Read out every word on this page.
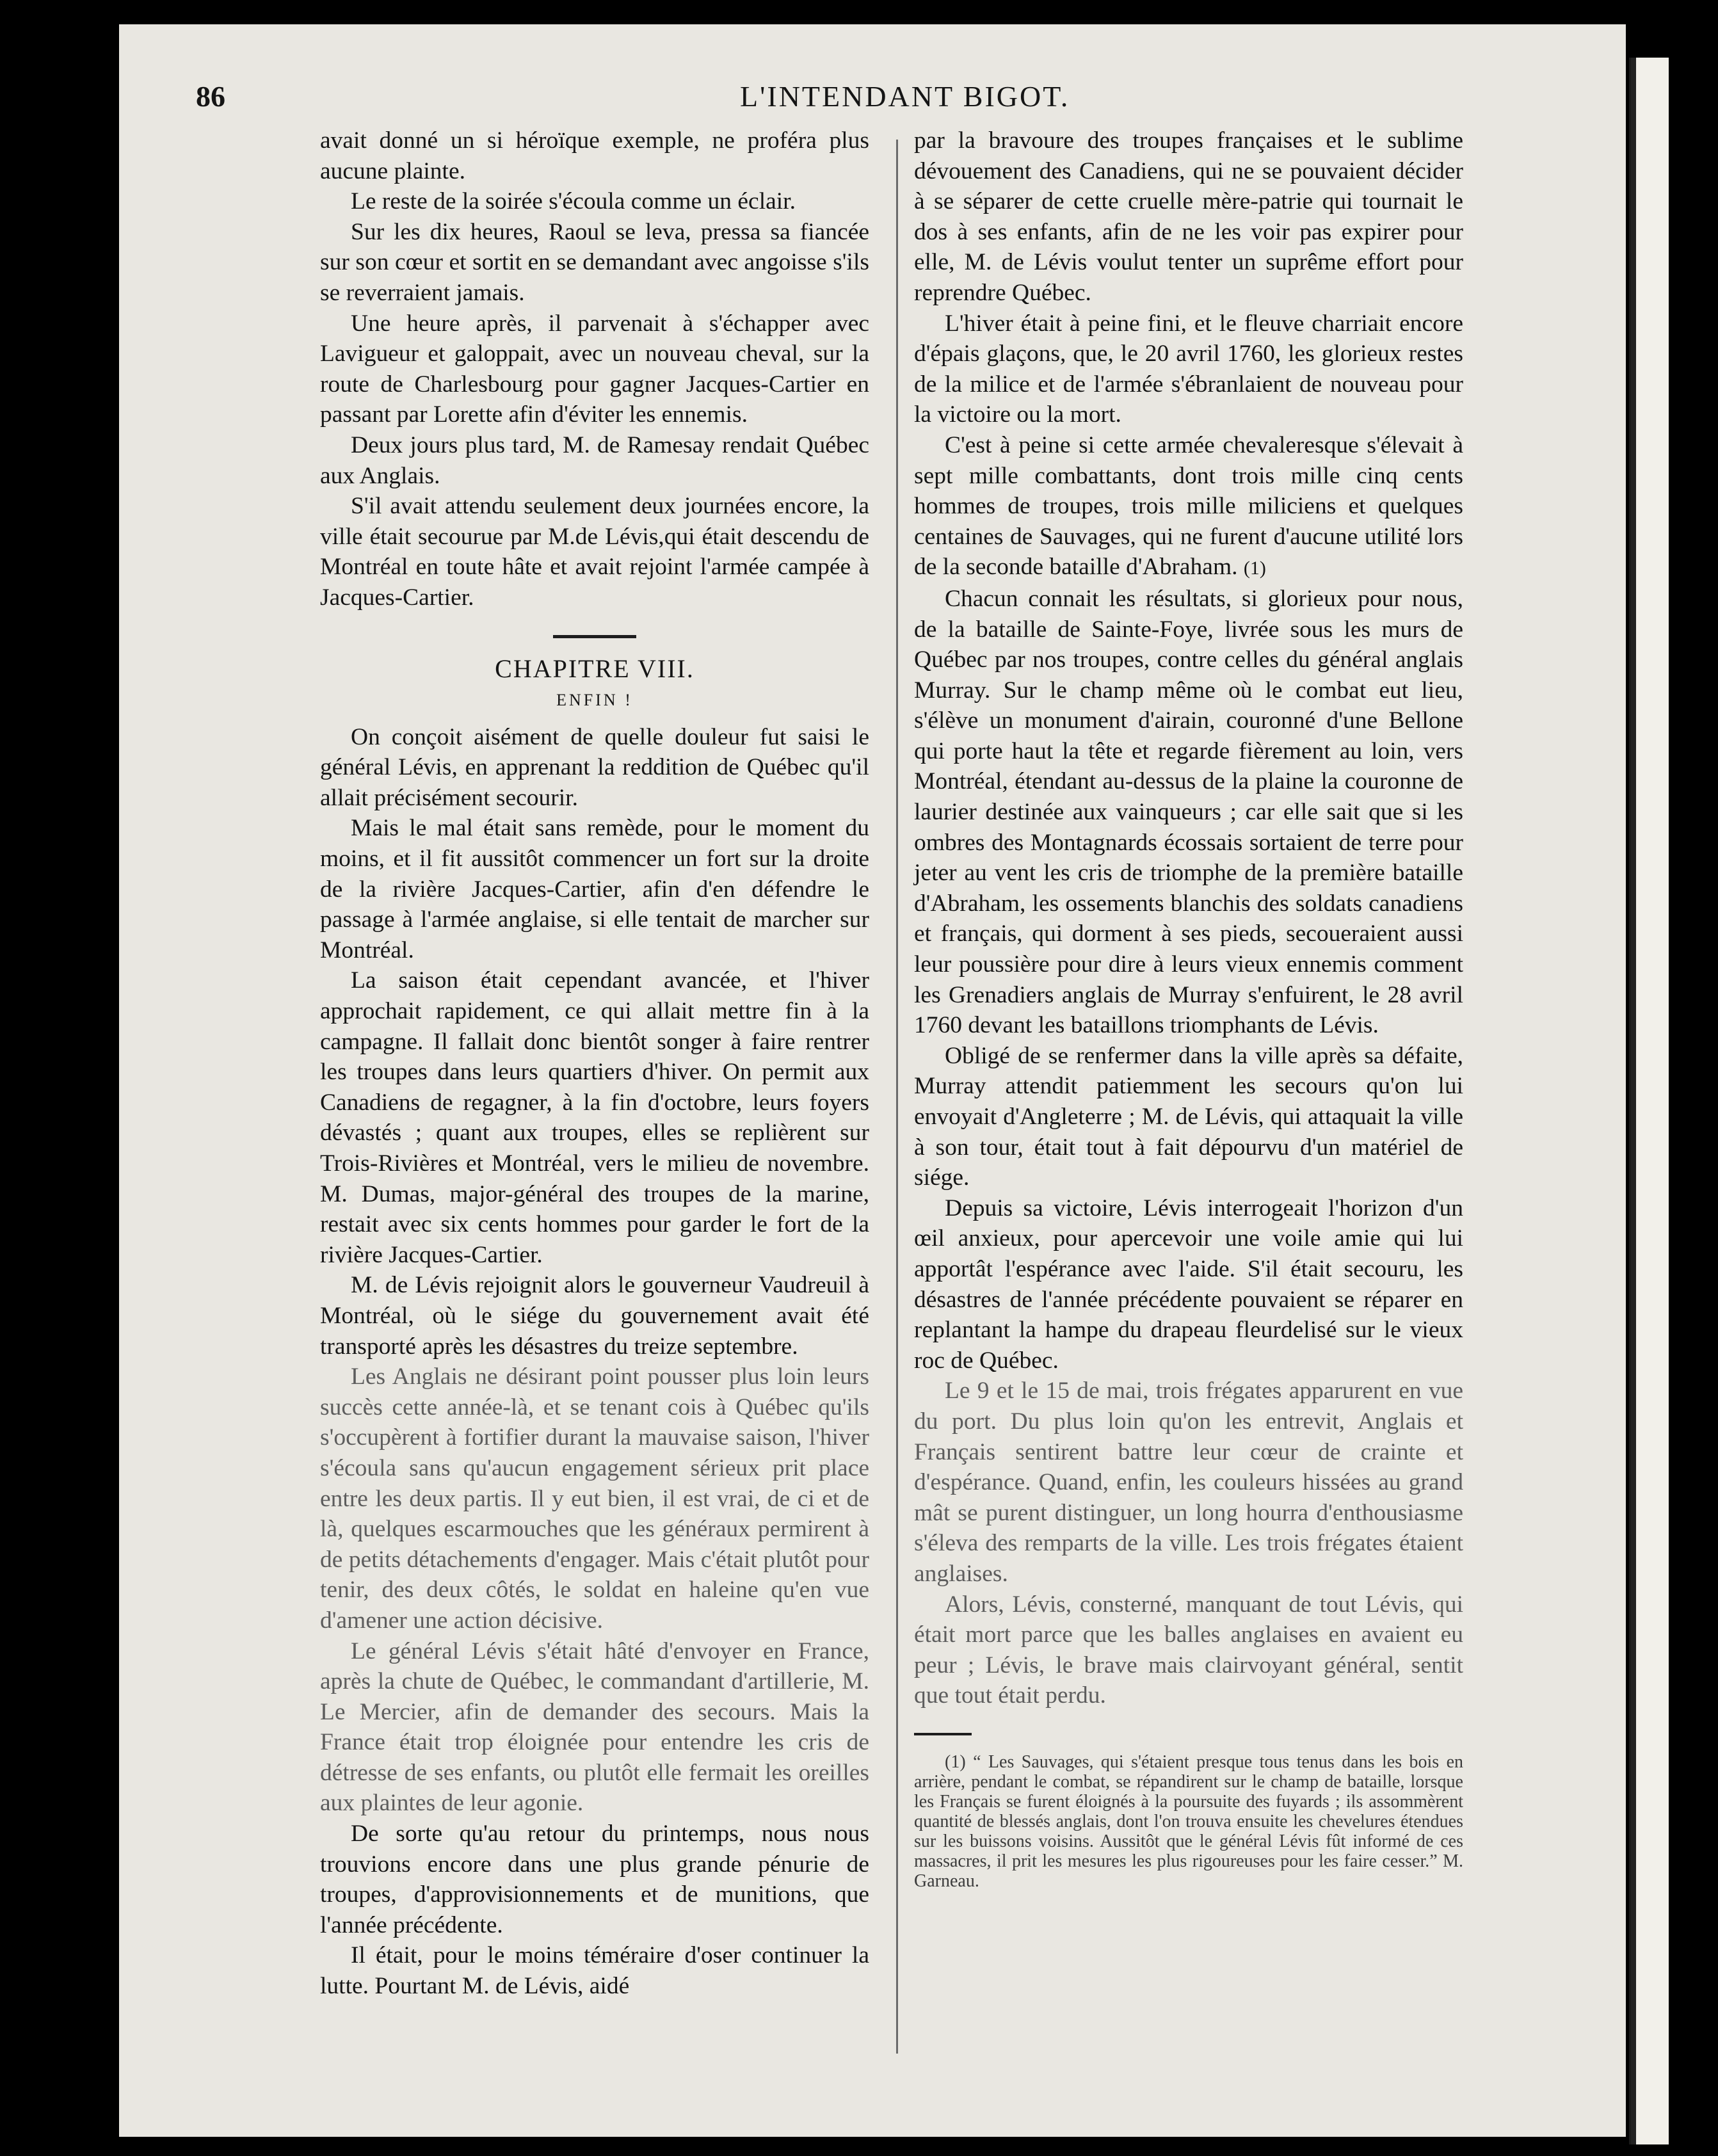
86	L'INTENDANT BIGOT.

avait donné un si héroïque exemple, ne proféra plus aucune plainte.

Le reste de la soirée s'écoula comme un éclair.

Sur les dix heures, Raoul se leva, pressa sa fiancée sur son cœur et sortit en se demandant avec angoisse s'ils se reverraient jamais.

Une heure après, il parvenait à s'échapper avec Lavigueur et galoppait, avec un nouveau cheval, sur la route de Charlesbourg pour gagner Jacques-Cartier en passant par Lorette afin d'éviter les ennemis.

Deux jours plus tard, M. de Ramesay rendait Québec aux Anglais.

S'il avait attendu seulement deux journées encore, la ville était secourue par M.de Lévis,qui était descendu de Montréal en toute hâte et avait rejoint l'armée campée à Jacques-Cartier.

CHAPITRE VIII.
ENFIN !

On conçoit aisément de quelle douleur fut saisi le général Lévis, en apprenant la reddition de Québec qu'il allait précisément secourir.

Mais le mal était sans remède, pour le moment du moins, et il fit aussitôt commencer un fort sur la droite de la rivière Jacques-Cartier, afin d'en défendre le passage à l'armée anglaise, si elle tentait de marcher sur Montréal.

La saison était cependant avancée, et l'hiver approchait rapidement, ce qui allait mettre fin à la campagne. Il fallait donc bientôt songer à faire rentrer les troupes dans leurs quartiers d'hiver. On permit aux Canadiens de regagner, à la fin d'octobre, leurs foyers dévastés ; quant aux troupes, elles se replièrent sur Trois-Rivières et Montréal, vers le milieu de novembre. M. Dumas, major-général des troupes de la marine, restait avec six cents hommes pour garder le fort de la rivière Jacques-Cartier.

M. de Lévis rejoignit alors le gouverneur Vaudreuil à Montréal, où le siége du gouvernement avait été transporté après les désastres du treize septembre.

Les Anglais ne désirant point pousser plus loin leurs succès cette année-là, et se tenant cois à Québec qu'ils s'occupèrent à fortifier durant la mauvaise saison, l'hiver s'écoula sans qu'aucun engagement sérieux prit place entre les deux partis. Il y eut bien, il est vrai, de ci et de là, quelques escarmouches que les généraux permirent à de petits détachements d'engager. Mais c'était plutôt pour tenir, des deux côtés, le soldat en haleine qu'en vue d'amener une action décisive.

Le général Lévis s'était hâté d'envoyer en France, après la chute de Québec, le commandant d'artillerie, M. Le Mercier, afin de demander des secours. Mais la France était trop éloignée pour entendre les cris de détresse de ses enfants, ou plutôt elle fermait les oreilles aux plaintes de leur agonie.

De sorte qu'au retour du printemps, nous nous trouvions encore dans une plus grande pénurie de troupes, d'approvisionnements et de munitions, que l'année précédente.

Il était, pour le moins téméraire d'oser continuer la lutte. Pourtant M. de Lévis, aidé

par la bravoure des troupes françaises et le sublime dévouement des Canadiens, qui ne se pouvaient décider à se séparer de cette cruelle mère-patrie qui tournait le dos à ses enfants, afin de ne les voir pas expirer pour elle, M. de Lévis voulut tenter un suprême effort pour reprendre Québec.

L'hiver était à peine fini, et le fleuve charriait encore d'épais glaçons, que, le 20 avril 1760, les glorieux restes de la milice et de l'armée s'ébranlaient de nouveau pour la victoire ou la mort.

C'est à peine si cette armée chevaleresque s'élevait à sept mille combattants, dont trois mille cinq cents hommes de troupes, trois mille miliciens et quelques centaines de Sauvages, qui ne furent d'aucune utilité lors de la seconde bataille d'Abraham. (1)

Chacun connait les résultats, si glorieux pour nous, de la bataille de Sainte-Foye, livrée sous les murs de Québec par nos troupes, contre celles du général anglais Murray. Sur le champ même où le combat eut lieu, s'élève un monument d'airain, couronné d'une Bellone qui porte haut la tête et regarde fièrement au loin, vers Montréal, étendant au-dessus de la plaine la couronne de laurier destinée aux vainqueurs ; car elle sait que si les ombres des Montagnards écossais sortaient de terre pour jeter au vent les cris de triomphe de la première bataille d'Abraham, les ossements blanchis des soldats canadiens et français, qui dorment à ses pieds, secoueraient aussi leur poussière pour dire à leurs vieux ennemis comment les Grenadiers anglais de Murray s'enfuirent, le 28 avril 1760 devant les bataillons triomphants de Lévis.

Obligé de se renfermer dans la ville après sa défaite, Murray attendit patiemment les secours qu'on lui envoyait d'Angleterre ; M. de Lévis, qui attaquait la ville à son tour, était tout à fait dépourvu d'un matériel de siége.

Depuis sa victoire, Lévis interrogeait l'horizon d'un œil anxieux, pour apercevoir une voile amie qui lui apportât l'espérance avec l'aide. S'il était secouru, les désastres de l'année précédente pouvaient se réparer en replantant la hampe du drapeau fleurdelisé sur le vieux roc de Québec.

Le 9 et le 15 de mai, trois frégates apparurent en vue du port. Du plus loin qu'on les entrevit, Anglais et Français sentirent battre leur cœur de crainte et d'espérance. Quand, enfin, les couleurs hissées au grand mât se purent distinguer, un long hourra d'enthousiasme s'éleva des remparts de la ville. Les trois frégates étaient anglaises.

Alors, Lévis, consterné, manquant de tout Lévis, qui était mort parce que les balles anglaises en avaient eu peur ; Lévis, le brave mais clairvoyant général, sentit que tout était perdu.

(1) “ Les Sauvages, qui s'étaient presque tous tenus dans les bois en arrière, pendant le combat, se répandirent sur le champ de bataille, lorsque les Français se furent éloignés à la poursuite des fuyards ; ils assommèrent quantité de blessés anglais, dont l'on trouva ensuite les chevelures étendues sur les buissons voisins. Aussitôt que le général Lévis fût informé de ces massacres, il prit les mesures les plus rigoureuses pour les faire cesser.” M. Garneau.
